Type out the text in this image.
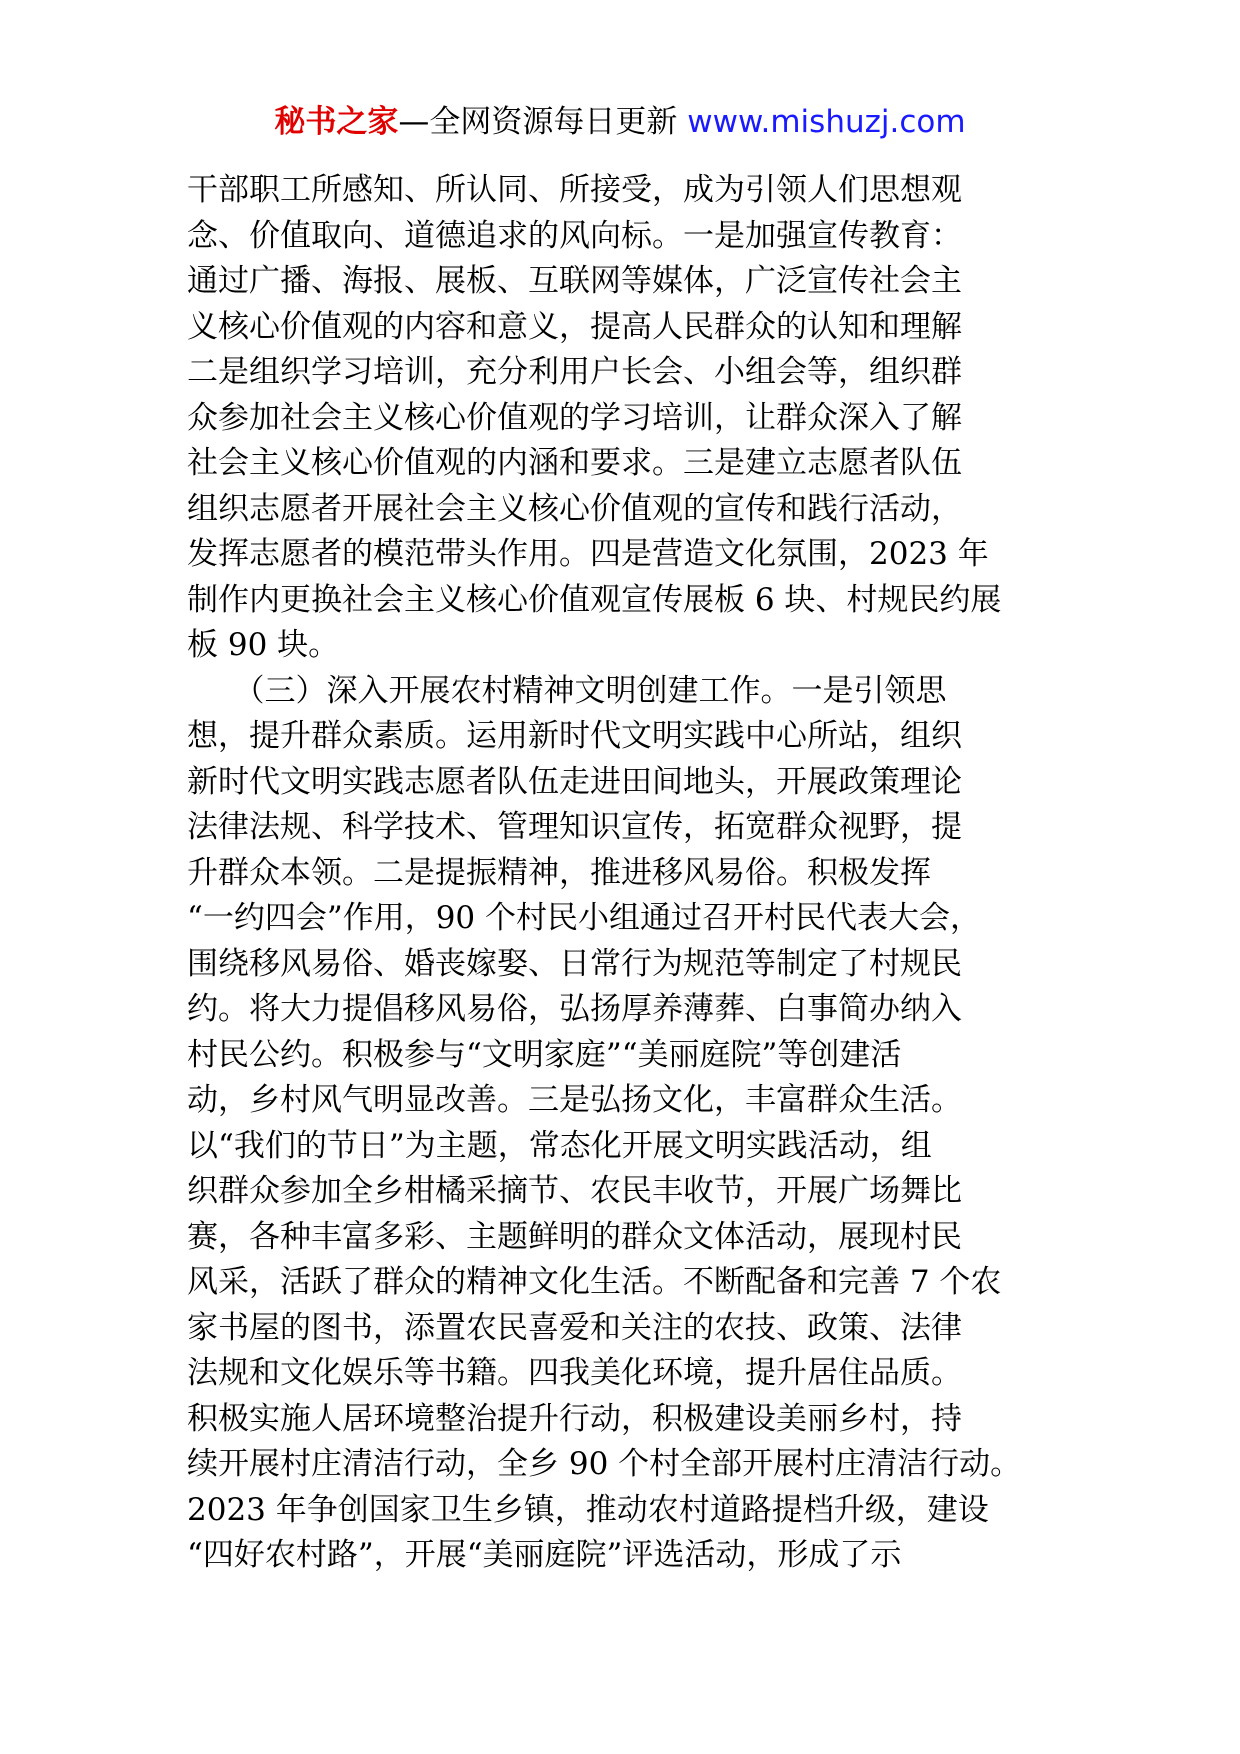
秘书之家—全网资源每日更新 www.mishuzj.com
干部职工所感知、所认同、所接受，成为引领人们思想观
念、价值取向、道德追求的风向标。一是加强宣传教育：
通过广播、海报、展板、互联网等媒体，广泛宣传社会主
义核心价值观的内容和意义，提高人民群众的认知和理解
二是组织学习培训，充分利用户长会、小组会等，组织群
众参加社会主义核心价值观的学习培训，让群众深入了解
社会主义核心价值观的内涵和要求。三是建立志愿者队伍
组织志愿者开展社会主义核心价值观的宣传和践行活动，
发挥志愿者的模范带头作用。四是营造文化氛围，2023 年
制作内更换社会主义核心价值观宣传展板 6 块、村规民约展
板 90 块。
　　（三）深入开展农村精神文明创建工作。一是引领思
想，提升群众素质。运用新时代文明实践中心所站，组织
新时代文明实践志愿者队伍走进田间地头，开展政策理论
法律法规、科学技术、管理知识宣传，拓宽群众视野，提
升群众本领。二是提振精神，推进移风易俗。积极发挥
“一约四会”作用，90 个村民小组通过召开村民代表大会，
围绕移风易俗、婚丧嫁娶、日常行为规范等制定了村规民
约。将大力提倡移风易俗，弘扬厚养薄葬、白事简办纳入
村民公约。积极参与“文明家庭”“美丽庭院”等创建活
动，乡村风气明显改善。三是弘扬文化，丰富群众生活。
以“我们的节日”为主题，常态化开展文明实践活动，组
织群众参加全乡柑橘采摘节、农民丰收节，开展广场舞比
赛，各种丰富多彩、主题鲜明的群众文体活动，展现村民
风采，活跃了群众的精神文化生活。不断配备和完善 7 个农
家书屋的图书，添置农民喜爱和关注的农技、政策、法律
法规和文化娱乐等书籍。四我美化环境，提升居住品质。
积极实施人居环境整治提升行动，积极建设美丽乡村，持
续开展村庄清洁行动，全乡 90 个村全部开展村庄清洁行动。
2023 年争创国家卫生乡镇，推动农村道路提档升级，建设
“四好农村路”，开展“美丽庭院”评选活动，形成了示
